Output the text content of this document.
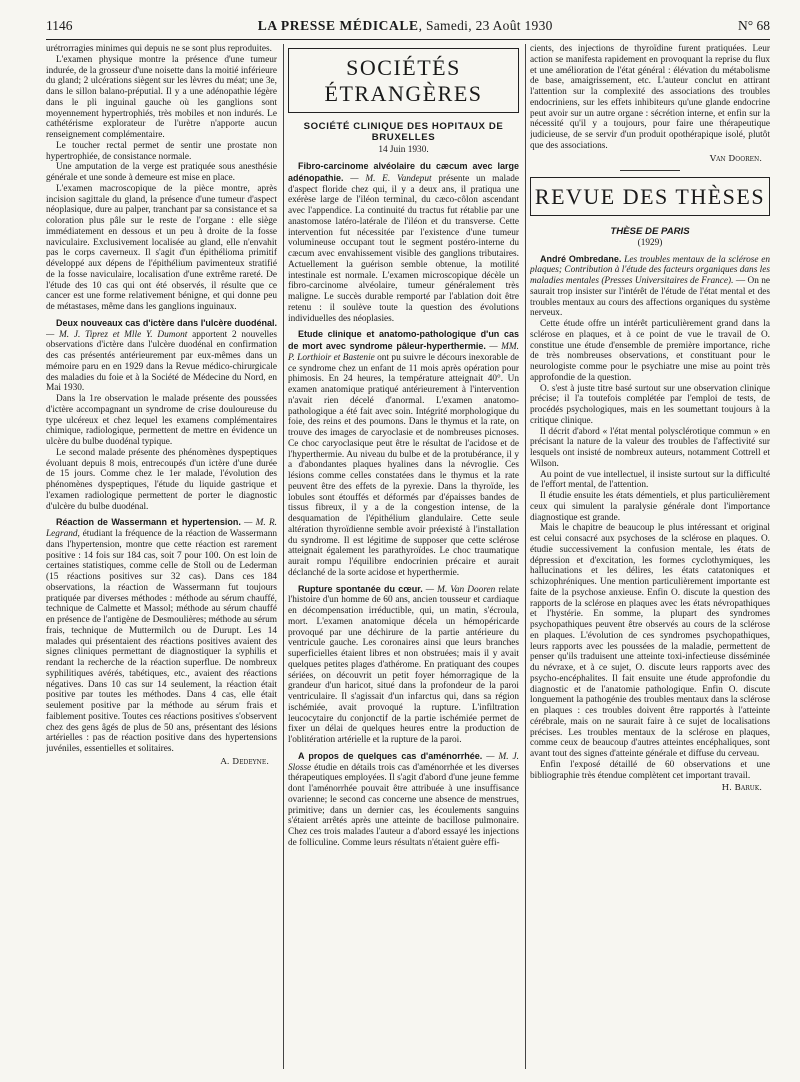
1146	LA PRESSE MÉDICALE, Samedi, 23 Août 1930	N° 68

urétrorragies minimes qui depuis ne se sont plus reproduites.

L'examen physique montre la présence d'une tumeur indurée, de la grosseur d'une noisette dans la moitié inférieure du gland; 2 ulcérations siègent sur les lèvres du méat; une 3e, dans le sillon balano-préputial. Il y a une adénopathie légère dans le pli inguinal gauche où les ganglions sont moyennement hypertrophiés, très mobiles et non indurés. Le cathétérisme explorateur de l'urètre n'apporte aucun renseignement complémentaire.

Le toucher rectal permet de sentir une prostate non hypertrophiée, de consistance normale.

Une amputation de la verge est pratiquée sous anesthésie générale et une sonde à demeure est mise en place.

L'examen macroscopique de la pièce montre, après incision sagittale du gland, la présence d'une tumeur d'aspect néoplasique, dure au palper, tranchant par sa consistance et sa coloration plus pâle sur le reste de l'organe : elle siège immédiatement en dessous et un peu à droite de la fosse naviculaire. Exclusivement localisée au gland, elle n'envahit pas le corps caverneux. Il s'agit d'un épithélioma primitif développé aux dépens de l'épithélium pavimenteux stratifié de la fosse naviculaire, localisation d'une extrême rareté. De l'étude des 10 cas qui ont été observés, il résulte que ce cancer est une forme relativement bénigne, et qui donne peu de métastases, même dans les ganglions inguinaux.

Deux nouveaux cas d'ictère dans l'ulcère duodénal. — M. J. Tiprez et Mlle Y. Dumont apportent 2 nouvelles observations d'ictère dans l'ulcère duodénal en confirmation des cas présentés antérieurement par eux-mêmes dans un mémoire paru en en 1929 dans la Revue médico-chirurgicale des maladies du foie et à la Société de Médecine du Nord, en Mai 1930.

Dans la 1re observation le malade présente des poussées d'ictère accompagnant un syndrome de crise douloureuse du type ulcéreux et chez lequel les examens complémentaires chimique, radiologique, permettent de mettre en évidence un ulcère du bulbe duodénal typique.

Le second malade présente des phénomènes dyspeptiques évoluant depuis 8 mois, entrecoupés d'un ictère d'une durée de 15 jours. Comme chez le 1er malade, l'évolution des phénomènes dyspeptiques, l'étude du liquide gastrique et l'examen radiologique permettent de porter le diagnostic d'ulcère du bulbe duodénal.

Réaction de Wassermann et hypertension. — M. R. Legrand, étudiant la fréquence de la réaction de Wassermann dans l'hypertension, montre que cette réaction est rarement positive : 14 fois sur 184 cas, soit 7 pour 100. On est loin de certaines statistiques, comme celle de Stoll ou de Lederman (15 réactions positives sur 32 cas). Dans ces 184 observations, la réaction de Wassermann fut toujours pratiquée par diverses méthodes : méthode au sérum chauffé, technique de Calmette et Massol; méthode au sérum chauffé en présence de l'antigène de Desmoulières; méthode au sérum frais, technique de Muttermilch ou de Durupt. Les 14 malades qui présentaient des réactions positives avaient des signes cliniques permettant de diagnostiquer la syphilis et rendant la recherche de la réaction superflue. De nombreux syphilitiques avérés, tabétiques, etc., avaient des réactions négatives. Dans 10 cas sur 14 seulement, la réaction était positive par toutes les méthodes. Dans 4 cas, elle était seulement positive par la méthode au sérum frais et faiblement positive. Toutes ces réactions positives s'observent chez des gens âgés de plus de 50 ans, présentant des lésions artérielles : pas de réaction positive dans des hypertensions juvéniles, essentielles et solitaires.

A. Dedeyne.
SOCIÉTÉS ÉTRANGÈRES
SOCIÉTÉ CLINIQUE DES HOPITAUX DE BRUXELLES
14 Juin 1930.

Fibro-carcinome alvéolaire du cæcum avec large adénopathie. — M. E. Vandeput présente un malade d'aspect floride chez qui, il y a deux ans, il pratiqua une exérèse large de l'iléon terminal, du cæco-côlon ascendant avec l'appendice. La continuité du tractus fut rétablie par une anastomose latéro-latérale de l'iléon et du transverse. Cette intervention fut nécessitée par l'existence d'une tumeur volumineuse occupant tout le segment postéro-interne du cæcum avec envahissement visible des ganglions tributaires. Actuellement la guérison semble obtenue, la motilité intestinale est normale. L'examen microscopique décèle un fibro-carcinome alvéolaire, tumeur généralement très maligne. Le succès durable remporté par l'ablation doit être retenu : il soulève toute la question des évolutions individuelles des néoplasies.

Etude clinique et anatomo-pathologique d'un cas de mort avec syndrome pâleur-hyperthermie. — MM. P. Lorthioir et Bastenie ont pu suivre le décours inexorable de ce syndrome chez un enfant de 11 mois après opération pour phimosis. En 24 heures, la température atteignait 40°. Un examen anatomique pratiqué antérieurement à l'intervention n'avait rien décelé d'anormal. L'examen anatomo-pathologique a été fait avec soin. Intégrité morphologique du foie, des reins et des poumons. Dans le thymus et la rate, on trouve des images de caryoclasie et de nombreuses picnoses. Ce choc caryoclasique peut être le résultat de l'acidose et de l'hyperthermie. Au niveau du bulbe et de la protubérance, il y a d'abondantes plaques hyalines dans la névroglie. Ces lésions comme celles constatées dans le thymus et la rate peuvent être des effets de la pyrexie. Dans la thyroïde, les lobules sont étouffés et déformés par d'épaisses bandes de tissus fibreux, il y a de la congestion intense, de la desquamation de l'épithélium glandulaire. Cette seule altération thyroïdienne semble avoir préexisté à l'installation du syndrome. Il est légitime de supposer que cette sclérose atteignait également les parathyroïdes. Le choc traumatique aurait rompu l'équilibre endocrinien précaire et aurait déclanché de la sorte acidose et hyperthermie.

Rupture spontanée du cœur. — M. Van Dooren relate l'histoire d'un homme de 60 ans, ancien tousseur et cardiaque en décompensation irréductible, qui, un matin, s'écroula, mort. L'examen anatomique décela un hémopéricarde provoqué par une déchirure de la partie antérieure du ventricule gauche. Les coronaires ainsi que leurs branches superficielles étaient libres et non obstruées; mais il y avait quelques petites plages d'athérome. En pratiquant des coupes sériées, on découvrit un petit foyer hémorragique de la grandeur d'un haricot, situé dans la profondeur de la paroi ventriculaire. Il s'agissait d'un infarctus qui, dans sa région ischémiée, avait provoqué la rupture. L'infiltration leucocytaire du conjonctif de la partie ischémiée permet de fixer un délai de quelques heures entre la production de l'oblitération artérielle et la rupture de la paroi.

A propos de quelques cas d'aménorrhée. — M. J. Slosse étudie en détails trois cas d'aménorrhée et les diverses thérapeutiques employées. Il s'agit d'abord d'une jeune femme dont l'aménorrhée pouvait être attribuée à une insuffisance ovarienne; le second cas concerne une absence de menstrues, primitive; dans un dernier cas, les écoulements sanguins s'étaient arrêtés après une atteinte de bacillose pulmonaire. Chez ces trois malades l'auteur a d'abord essayé les injections de folliculine. Comme leurs résultats n'étaient guère effi-

cients, des injections de thyroïdine furent pratiquées. Leur action se manifesta rapidement en provoquant la reprise du flux et une amélioration de l'état général : élévation du métabolisme de base, amaigrissement, etc. L'auteur conclut en attirant l'attention sur la complexité des associations des troubles endocriniens, sur les effets inhibiteurs qu'une glande endocrine peut avoir sur un autre organe : sécrétion interne, et enfin sur la nécessité qu'il y a toujours, pour faire une thérapeutique judicieuse, de se servir d'un produit opothérapique isolé, plutôt que des associations.

Van Dooren.
REVUE DES THÈSES
THÈSE DE PARIS
(1929)

André Ombredane. Les troubles mentaux de la sclérose en plaques; Contribution à l'étude des facteurs organiques dans les maladies mentales (Presses Universitaires de France). — On ne saurait trop insister sur l'intérêt de l'étude de l'état mental et des troubles mentaux au cours des affections organiques du système nerveux.

Cette étude offre un intérêt particulièrement grand dans la sclérose en plaques, et à ce point de vue le travail de O. constitue une étude d'ensemble de première importance, riche de très nombreuses observations, et constituant pour le neurologiste comme pour le psychiatre une mise au point très approfondie de la question.

O. s'est à juste titre basé surtout sur une observation clinique précise; il l'a toutefois complétée par l'emploi de tests, de procédés psychologiques, mais en les soumettant toujours à la critique clinique.

Il décrit d'abord « l'état mental polysclérotique commun » en précisant la nature de la valeur des troubles de l'affectivité sur lesquels ont insisté de nombreux auteurs, notamment Cottrell et Wilson.

Au point de vue intellectuel, il insiste surtout sur la difficulté de l'effort mental, de l'attention.

Il étudie ensuite les états démentiels, et plus particulièrement ceux qui simulent la paralysie générale dont l'importance diagnostique est grande.

Mais le chapitre de beaucoup le plus intéressant et original est celui consacré aux psychoses de la sclérose en plaques. O. étudie successivement la confusion mentale, les états de dépression et d'excitation, les formes cyclothymiques, les hallucinations et les délires, les états catatoniques et schizophréniques. Une mention particulièrement importante est faite de la psychose anxieuse. Enfin O. discute la question des rapports de la sclérose en plaques avec les états névropathiques et l'hystérie. En somme, la plupart des syndromes psychopathiques peuvent être observés au cours de la sclérose en plaques. L'évolution de ces syndromes psychopathiques, leurs rapports avec les poussées de la maladie, permettent de penser qu'ils traduisent une atteinte toxi-infectieuse disséminée du névraxe, et à ce sujet, O. discute leurs rapports avec des psycho-encéphalites. Il fait ensuite une étude approfondie du diagnostic et de l'anatomie pathologique. Enfin O. discute longuement la pathogénie des troubles mentaux dans la sclérose en plaques : ces troubles doivent être rapportés à l'atteinte cérébrale, mais on ne saurait faire à ce sujet de localisations précises. Les troubles mentaux de la sclérose en plaques, comme ceux de beaucoup d'autres atteintes encéphaliques, sont avant tout des signes d'atteinte générale et diffuse du cerveau.

Enfin l'exposé détaillé de 60 observations et une bibliographie très étendue complètent cet important travail.

H. Baruk.
